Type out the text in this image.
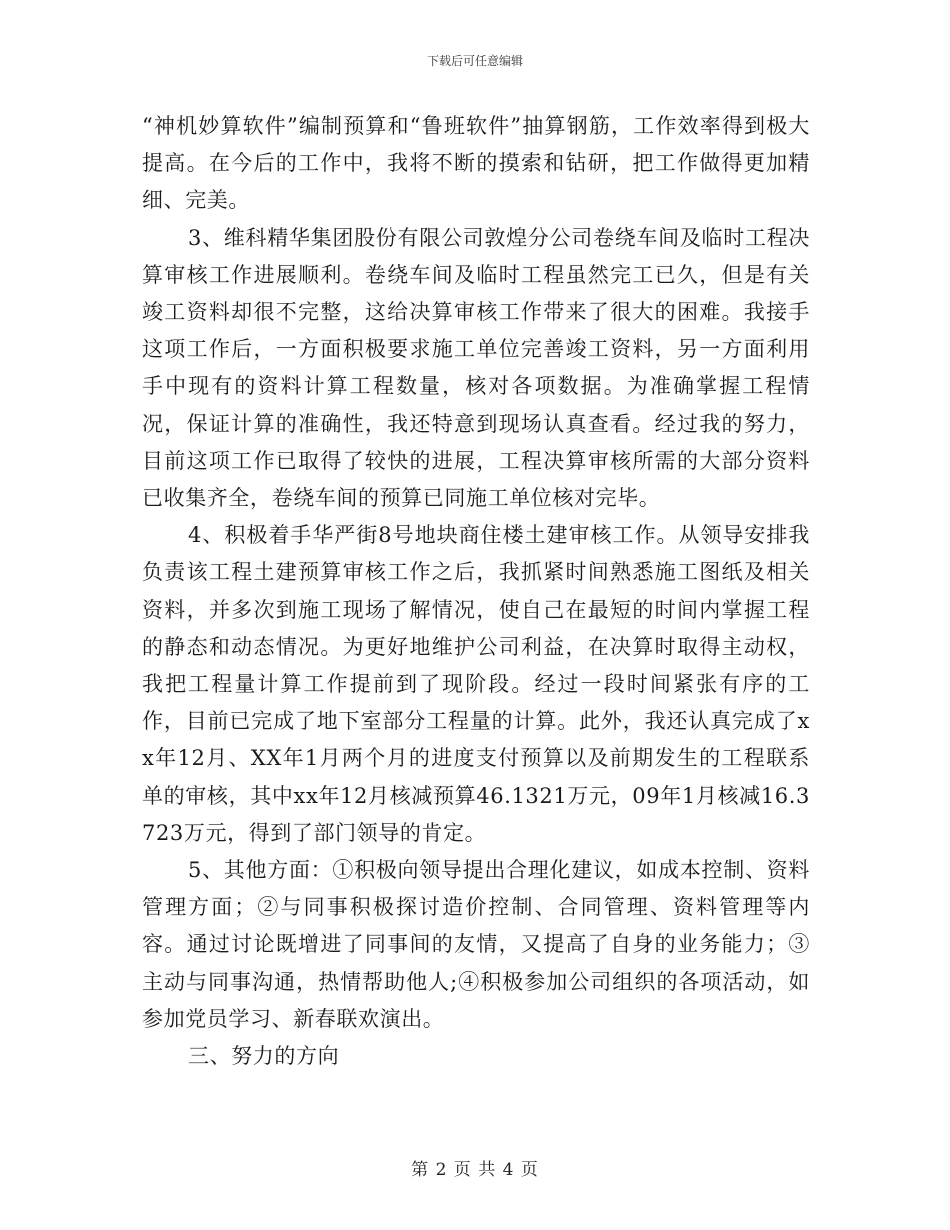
下载后可任意编辑

“神机妙算软件”编制预算和“鲁班软件”抽算钢筋，工作效率得到极大提高。在今后的工作中，我将不断的摸索和钻研，把工作做得更加精细、完美。

3、维科精华集团股份有限公司敦煌分公司卷绕车间及临时工程决算审核工作进展顺利。卷绕车间及临时工程虽然完工已久，但是有关竣工资料却很不完整，这给决算审核工作带来了很大的困难。我接手这项工作后，一方面积极要求施工单位完善竣工资料，另一方面利用手中现有的资料计算工程数量，核对各项数据。为准确掌握工程情况，保证计算的准确性，我还特意到现场认真查看。经过我的努力，目前这项工作已取得了较快的进展，工程决算审核所需的大部分资料已收集齐全，卷绕车间的预算已同施工单位核对完毕。

4、积极着手华严街8号地块商住楼土建审核工作。从领导安排我负责该工程土建预算审核工作之后，我抓紧时间熟悉施工图纸及相关资料，并多次到施工现场了解情况，使自己在最短的时间内掌握工程的静态和动态情况。为更好地维护公司利益，在决算时取得主动权，我把工程量计算工作提前到了现阶段。经过一段时间紧张有序的工作，目前已完成了地下室部分工程量的计算。此外，我还认真完成了xx年12月、XX年1月两个月的进度支付预算以及前期发生的工程联系单的审核，其中xx年12月核减预算46.1321万元，09年1月核减16.3723万元，得到了部门领导的肯定。

5、其他方面：①积极向领导提出合理化建议，如成本控制、资料管理方面；②与同事积极探讨造价控制、合同管理、资料管理等内容。通过讨论既增进了同事间的友情，又提高了自身的业务能力；③主动与同事沟通，热情帮助他人;④积极参加公司组织的各项活动，如参加党员学习、新春联欢演出。

三、努力的方向

第 2 页 共 4 页
